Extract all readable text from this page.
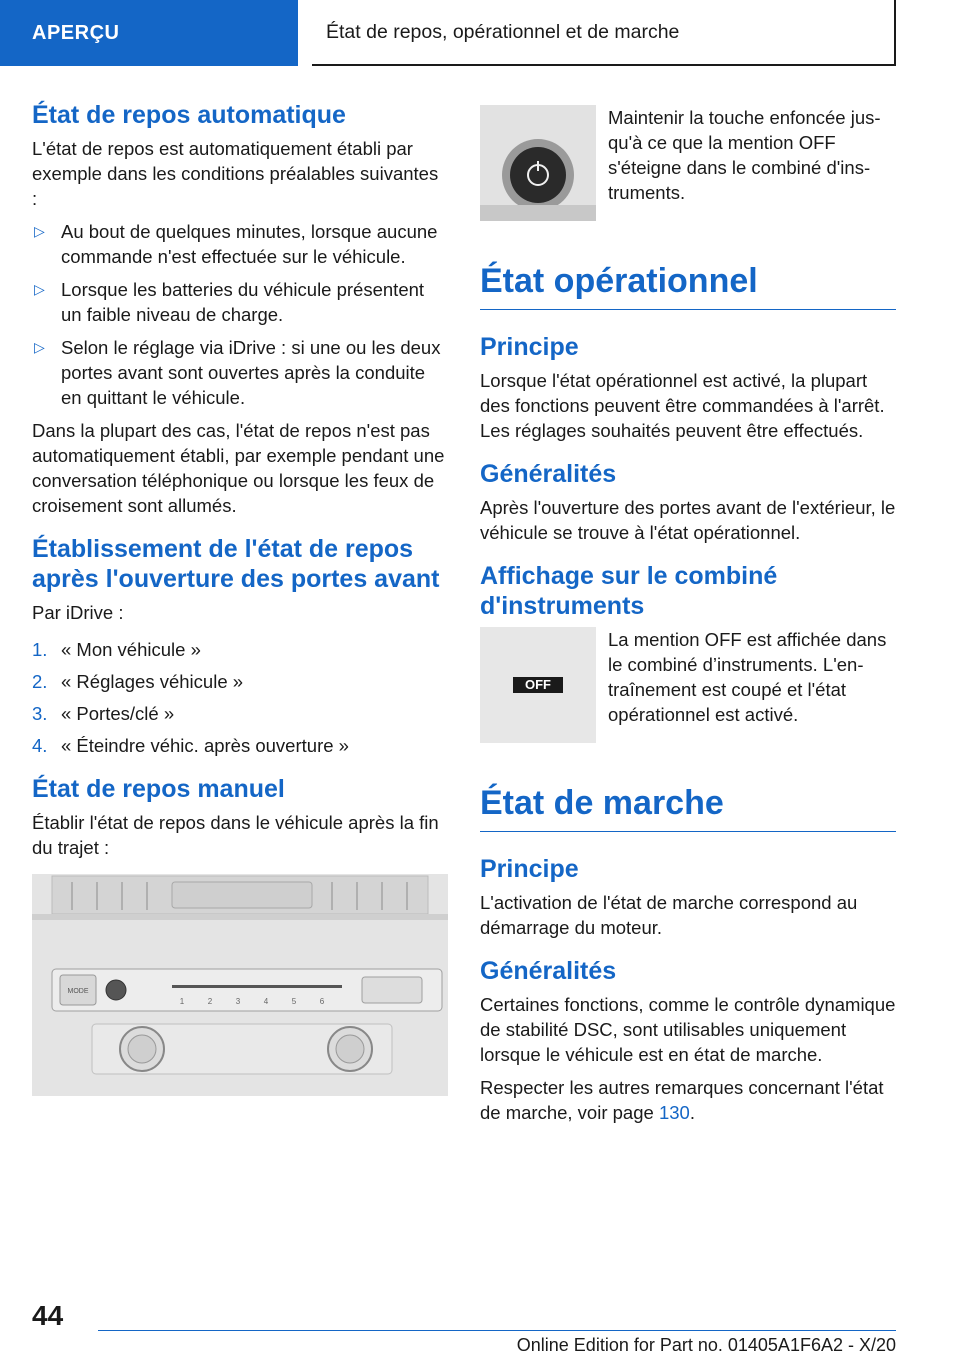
APERÇU	État de repos, opérationnel et de marche
État de repos automatique

L'état de repos est automatiquement établi par exemple dans les conditions préalables suivantes :

▷ Au bout de quelques minutes, lorsque aucune commande n'est effectuée sur le véhicule.
▷ Lorsque les batteries du véhicule présentent un faible niveau de charge.
▷ Selon le réglage via iDrive : si une ou les deux portes avant sont ouvertes après la conduite en quittant le véhicule.

Dans la plupart des cas, l'état de repos n'est pas automatiquement établi, par exemple pendant une conversation téléphonique ou lorsque les feux de croisement sont allumés.

Établissement de l'état de repos après l'ouverture des portes avant

Par iDrive :

1. « Mon véhicule »
2. « Réglages véhicule »
3. « Portes/clé »
4. « Éteindre véhic. après ouverture »
État de repos manuel

Établir l'état de repos dans le véhicule après la fin du trajet :

MODE
1	2	3	4	5	6

Maintenir la touche enfoncée jusqu'à ce que la mention OFF s'éteigne dans le combiné d'instruments.

État opérationnel
Principe

Lorsque l'état opérationnel est activé, la plupart des fonctions peuvent être commandées à l'arrêt. Les réglages souhaités peuvent être effectués.

Généralités

Après l'ouverture des portes avant de l'extérieur, le véhicule se trouve à l'état opérationnel.

Affichage sur le combiné d'instruments
OFF

La mention OFF est affichée dans le combiné d’instruments. L'entraînement est coupé et l'état opérationnel est activé.

État de marche
Principe

L'activation de l'état de marche correspond au démarrage du moteur.

Généralités

Certaines fonctions, comme le contrôle dynamique de stabilité DSC, sont utilisables uniquement lorsque le véhicule est en état de marche.

Respecter les autres remarques concernant l'état de marche, voir page 130.

44
Online Edition for Part no. 01405A1F6A2 - X/20
